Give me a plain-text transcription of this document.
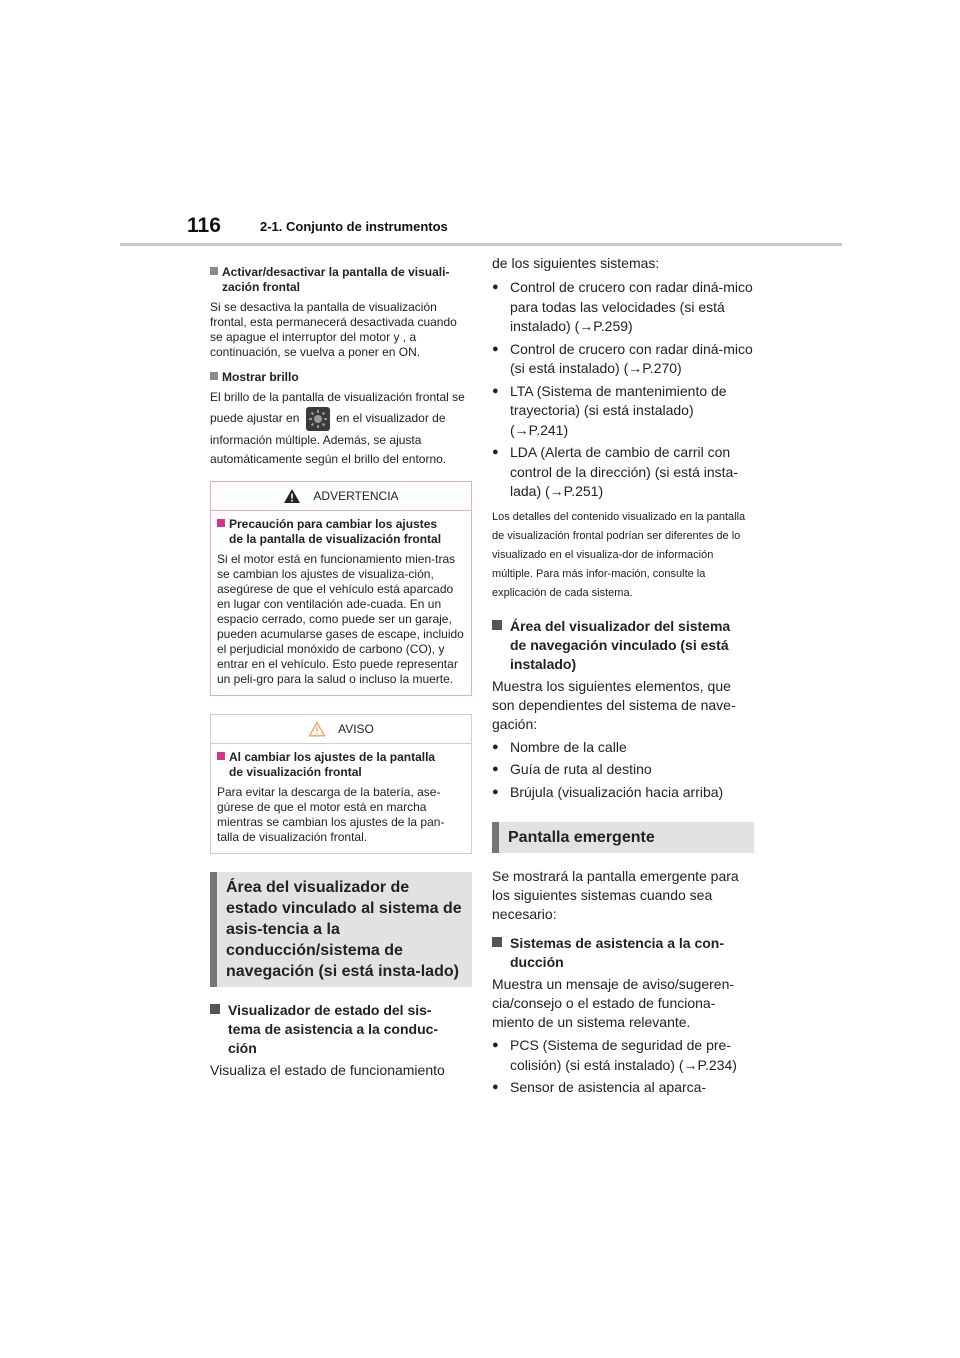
116	2-1. Conjunto de instrumentos

Activar/desactivar la pantalla de visuali-
zación frontal

Si se desactiva la pantalla de visualización frontal, esta permanecerá desactivada cuando se apague el interruptor del motor y , a continuación, se vuelva a poner en ON.

Mostrar brillo

El brillo de la pantalla de visualización frontal se puede ajustar en	en el visualizador de información múltiple. Además, se ajusta automáticamente según el brillo del entorno.

ADVERTENCIA

Precaución para cambiar los ajustes
de la pantalla de visualización frontal

Si el motor está en funcionamiento mien-tras se cambian los ajustes de visualiza-ción, asegúrese de que el vehículo está aparcado en lugar con ventilación ade-cuada. En un espacio cerrado, como puede ser un garaje, pueden acumularse gases de escape, incluido el perjudicial monóxido de carbono (CO), y entrar en el vehículo. Esto puede representar un peli-gro para la salud o incluso la muerte.

AVISO

Al cambiar los ajustes de la pantalla
de visualización frontal

Para evitar la descarga de la batería, ase-gúrese de que el motor está en marcha mientras se cambian los ajustes de la pan-talla de visualización frontal.

Área del visualizador de estado vinculado al sistema de asis-tencia a la conducción/sistema de navegación (si está insta-lado)

Visualizador de estado del sis-
tema de asistencia a la conduc-
ción

Visualiza el estado de funcionamiento

de los siguientes sistemas:

● Control de crucero con radar diná-mico para todas las velocidades (si está instalado) (→P.259)
● Control de crucero con radar diná-mico (si está instalado) (→P.270)
● LTA (Sistema de mantenimiento de trayectoria) (si está instalado) (→P.241)
● LDA (Alerta de cambio de carril con control de la dirección) (si está insta-lada) (→P.251)

Los detalles del contenido visualizado en la pantalla de visualización frontal podrían ser diferentes de lo visualizado en el visualiza-dor de información múltiple. Para más infor-mación, consulte la explicación de cada sistema.

Área del visualizador del sistema
de navegación vinculado (si está
instalado)

Muestra los siguientes elementos, que son dependientes del sistema de nave-gación:

● Nombre de la calle
● Guía de ruta al destino
● Brújula (visualización hacia arriba)
Pantalla emergente

Se mostrará la pantalla emergente para los siguientes sistemas cuando sea necesario:

Sistemas de asistencia a la con-
ducción

Muestra un mensaje de aviso/sugeren-cia/consejo o el estado de funciona-miento de un sistema relevante.

● PCS (Sistema de seguridad de pre-colisión) (si está instalado) (→P.234)
● Sensor de asistencia al aparca-
